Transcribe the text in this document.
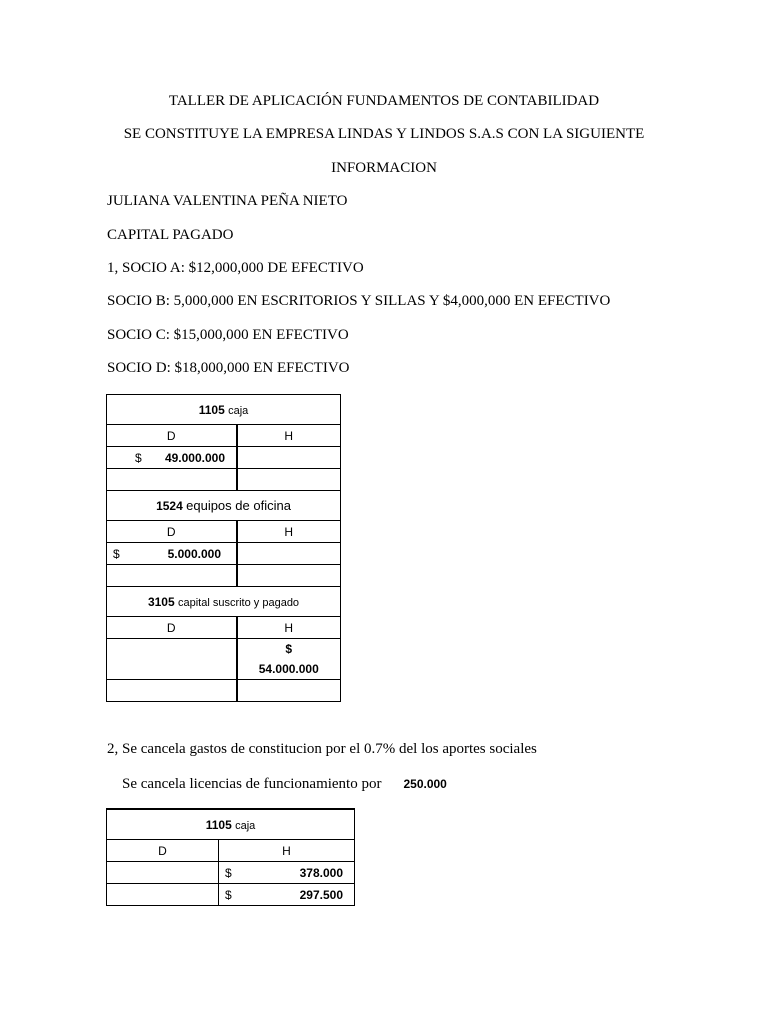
TALLER DE APLICACIÓN FUNDAMENTOS DE CONTABILIDAD
SE CONSTITUYE LA EMPRESA LINDAS Y LINDOS S.A.S CON LA SIGUIENTE
INFORMACION
JULIANA VALENTINA PEÑA NIETO
CAPITAL PAGADO
1, SOCIO A: $12,000,000 DE EFECTIVO
SOCIO B: 5,000,000 EN ESCRITORIOS Y SILLAS Y $4,000,000 EN EFECTIVO
SOCIO C: $15,000,000 EN EFECTIVO
SOCIO D: $18,000,000 EN EFECTIVO
1105 caja	
D	H
$ 49.000.000	

1524 equipos de oficina	
D	H
$ 5.000.000	

3105 capital suscrito y pagado	
D	H

	$
54.000.000

2, Se cancela gastos de constitucion por el 0.7% del los aportes sociales
Se cancela licencias de funcionamiento por 250.000
1105 caja	
D	H
	$ 378.000
	$ 297.500
